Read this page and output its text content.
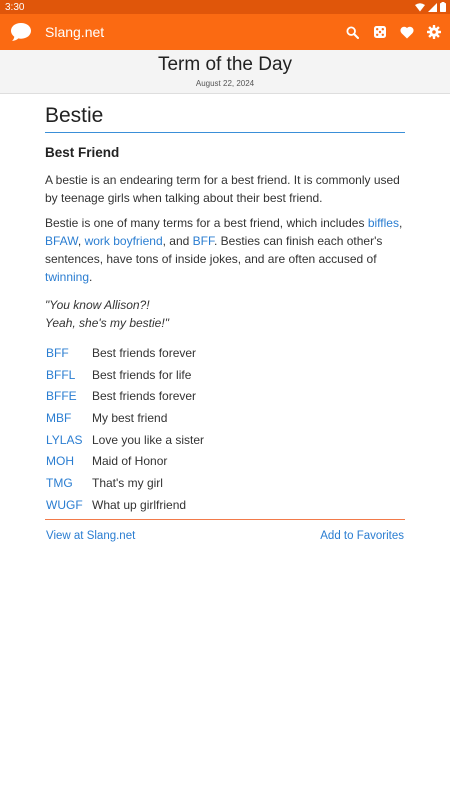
3:30
Slang.net
Term of the Day
August 22, 2024
Bestie
Best Friend

A bestie is an endearing term for a best friend. It is commonly used by teenage girls when talking about their best friend.

Bestie is one of many terms for a best friend, which includes biffles, BFAW, work boyfriend, and BFF. Besties can finish each other's sentences, have tons of inside jokes, and are often accused of twinning.

"You know Allison?!
Yeah, she's my bestie!"
BFF	Best friends forever
BFFL	Best friends for life
BFFE	Best friends forever
MBF	My best friend
LYLAS	Love you like a sister
MOH	Maid of Honor
TMG	That's my girl
WUGF	What up girlfriend
View at Slang.net	Add to Favorites
